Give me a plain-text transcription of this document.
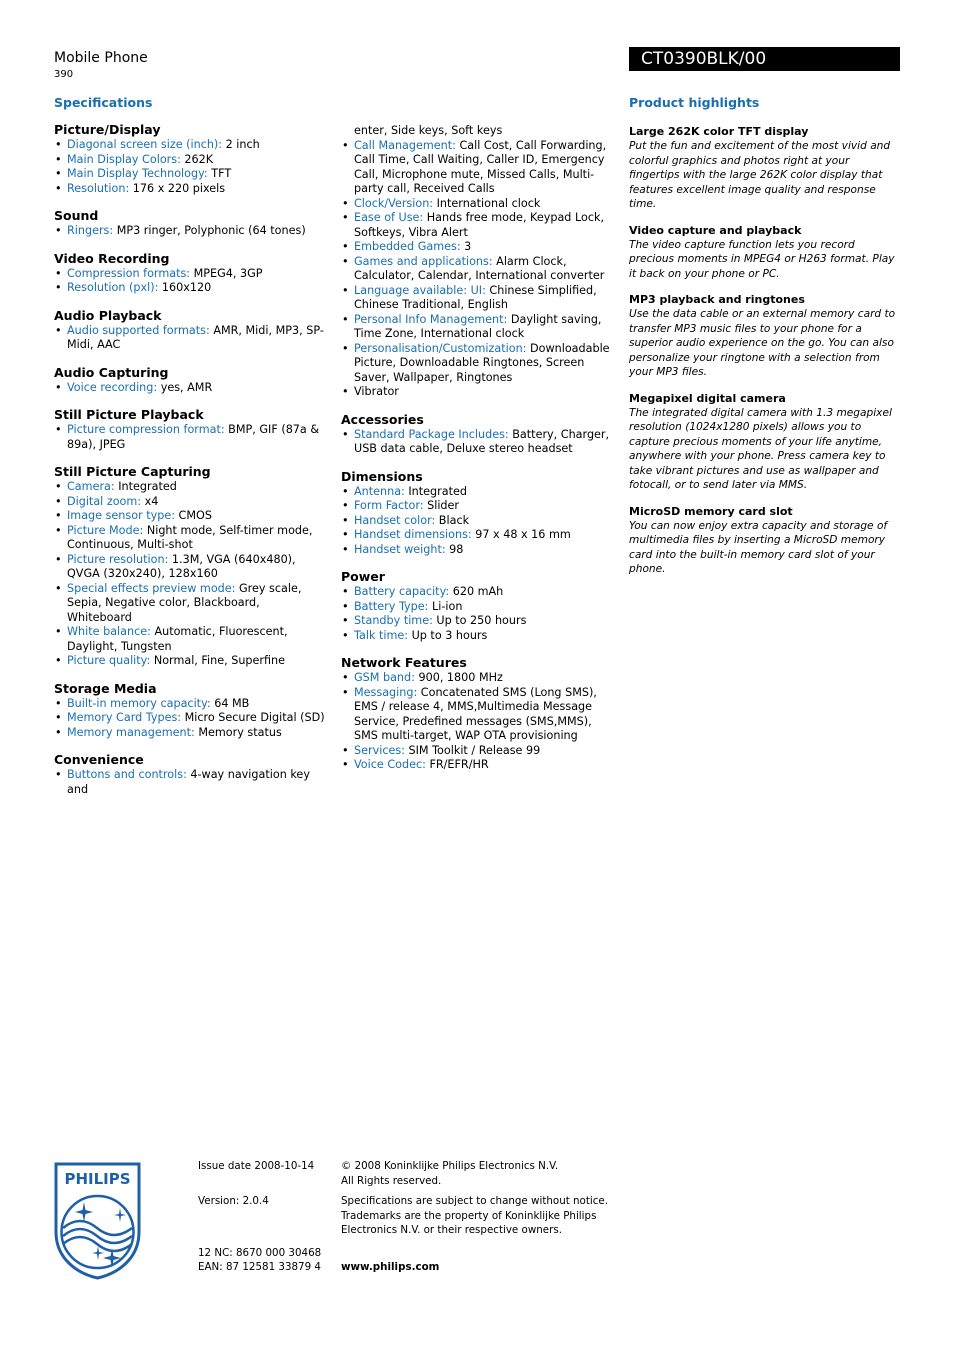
Mobile Phone
390
CT0390BLK/00
Specifications	Product highlights
Picture/Display
• Diagonal screen size (inch): 2 inch
• Main Display Colors: 262K
• Main Display Technology: TFT
• Resolution: 176 x 220 pixels
Sound
• Ringers: MP3 ringer, Polyphonic (64 tones)
Video Recording
• Compression formats: MPEG4, 3GP
• Resolution (pxl): 160x120
Audio Playback
• Audio supported formats: AMR, Midi, MP3, SP-Midi, AAC
Audio Capturing
• Voice recording: yes, AMR
Still Picture Playback
• Picture compression format: BMP, GIF (87a & 89a), JPEG
Still Picture Capturing
• Camera: Integrated
• Digital zoom: x4
• Image sensor type: CMOS
• Picture Mode: Night mode, Self-timer mode, Continuous, Multi-shot
• Picture resolution: 1.3M, VGA (640x480), QVGA (320x240), 128x160
• Special effects preview mode: Grey scale, Sepia, Negative color, Blackboard, Whiteboard
• White balance: Automatic, Fluorescent, Daylight, Tungsten
• Picture quality: Normal, Fine, Superfine
Storage Media
• Built-in memory capacity: 64 MB
• Memory Card Types: Micro Secure Digital (SD)
• Memory management: Memory status
Convenience
• Buttons and controls: 4-way navigation key and
enter, Side keys, Soft keys
• Call Management: Call Cost, Call Forwarding, Call Time, Call Waiting, Caller ID, Emergency Call, Microphone mute, Missed Calls, Multi-party call, Received Calls
• Clock/Version: International clock
• Ease of Use: Hands free mode, Keypad Lock, Softkeys, Vibra Alert
• Embedded Games: 3
• Games and applications: Alarm Clock, Calculator, Calendar, International converter
• Language available: UI: Chinese Simplified, Chinese Traditional, English
• Personal Info Management: Daylight saving, Time Zone, International clock
• Personalisation/Customization: Downloadable Picture, Downloadable Ringtones, Screen Saver, Wallpaper, Ringtones
• Vibrator
Accessories
• Standard Package Includes: Battery, Charger, USB data cable, Deluxe stereo headset
Dimensions
• Antenna: Integrated
• Form Factor: Slider
• Handset color: Black
• Handset dimensions: 97 x 48 x 16 mm
• Handset weight: 98
Power
• Battery capacity: 620 mAh
• Battery Type: Li-ion
• Standby time: Up to 250 hours
• Talk time: Up to 3 hours
Network Features
• GSM band: 900, 1800 MHz
• Messaging: Concatenated SMS (Long SMS), EMS / release 4, MMS,Multimedia Message Service, Predefined messages (SMS,MMS), SMS multi-target, WAP OTA provisioning
• Services: SIM Toolkit / Release 99
• Voice Codec: FR/EFR/HR
Large 262K color TFT display

Put the fun and excitement of the most vivid and colorful graphics and photos right at your fingertips with the large 262K color display that features excellent image quality and response time.

Video capture and playback

The video capture function lets you record precious moments in MPEG4 or H263 format. Play it back on your phone or PC.

MP3 playback and ringtones

Use the data cable or an external memory card to transfer MP3 music files to your phone for a superior audio experience on the go. You can also personalize your ringtone with a selection from your MP3 files.

Megapixel digital camera

The integrated digital camera with 1.3 megapixel resolution (1024x1280 pixels) allows you to capture precious moments of your life anytime, anywhere with your phone. Press camera key to take vibrant pictures and use as wallpaper and fotocall, or to send later via MMS.

MicroSD memory card slot

You can now enjoy extra capacity and storage of multimedia files by inserting a MicroSD memory card into the built-in memory card slot of your phone.

PHILIPS
Issue date 2008-10-14
Version: 2.0.4
12 NC: 8670 000 30468
EAN: 87 12581 33879 4
© 2008 Koninklijke Philips Electronics N.V.
All Rights reserved.
Specifications are subject to change without notice.
Trademarks are the property of Koninklijke Philips
Electronics N.V. or their respective owners.
www.philips.com
